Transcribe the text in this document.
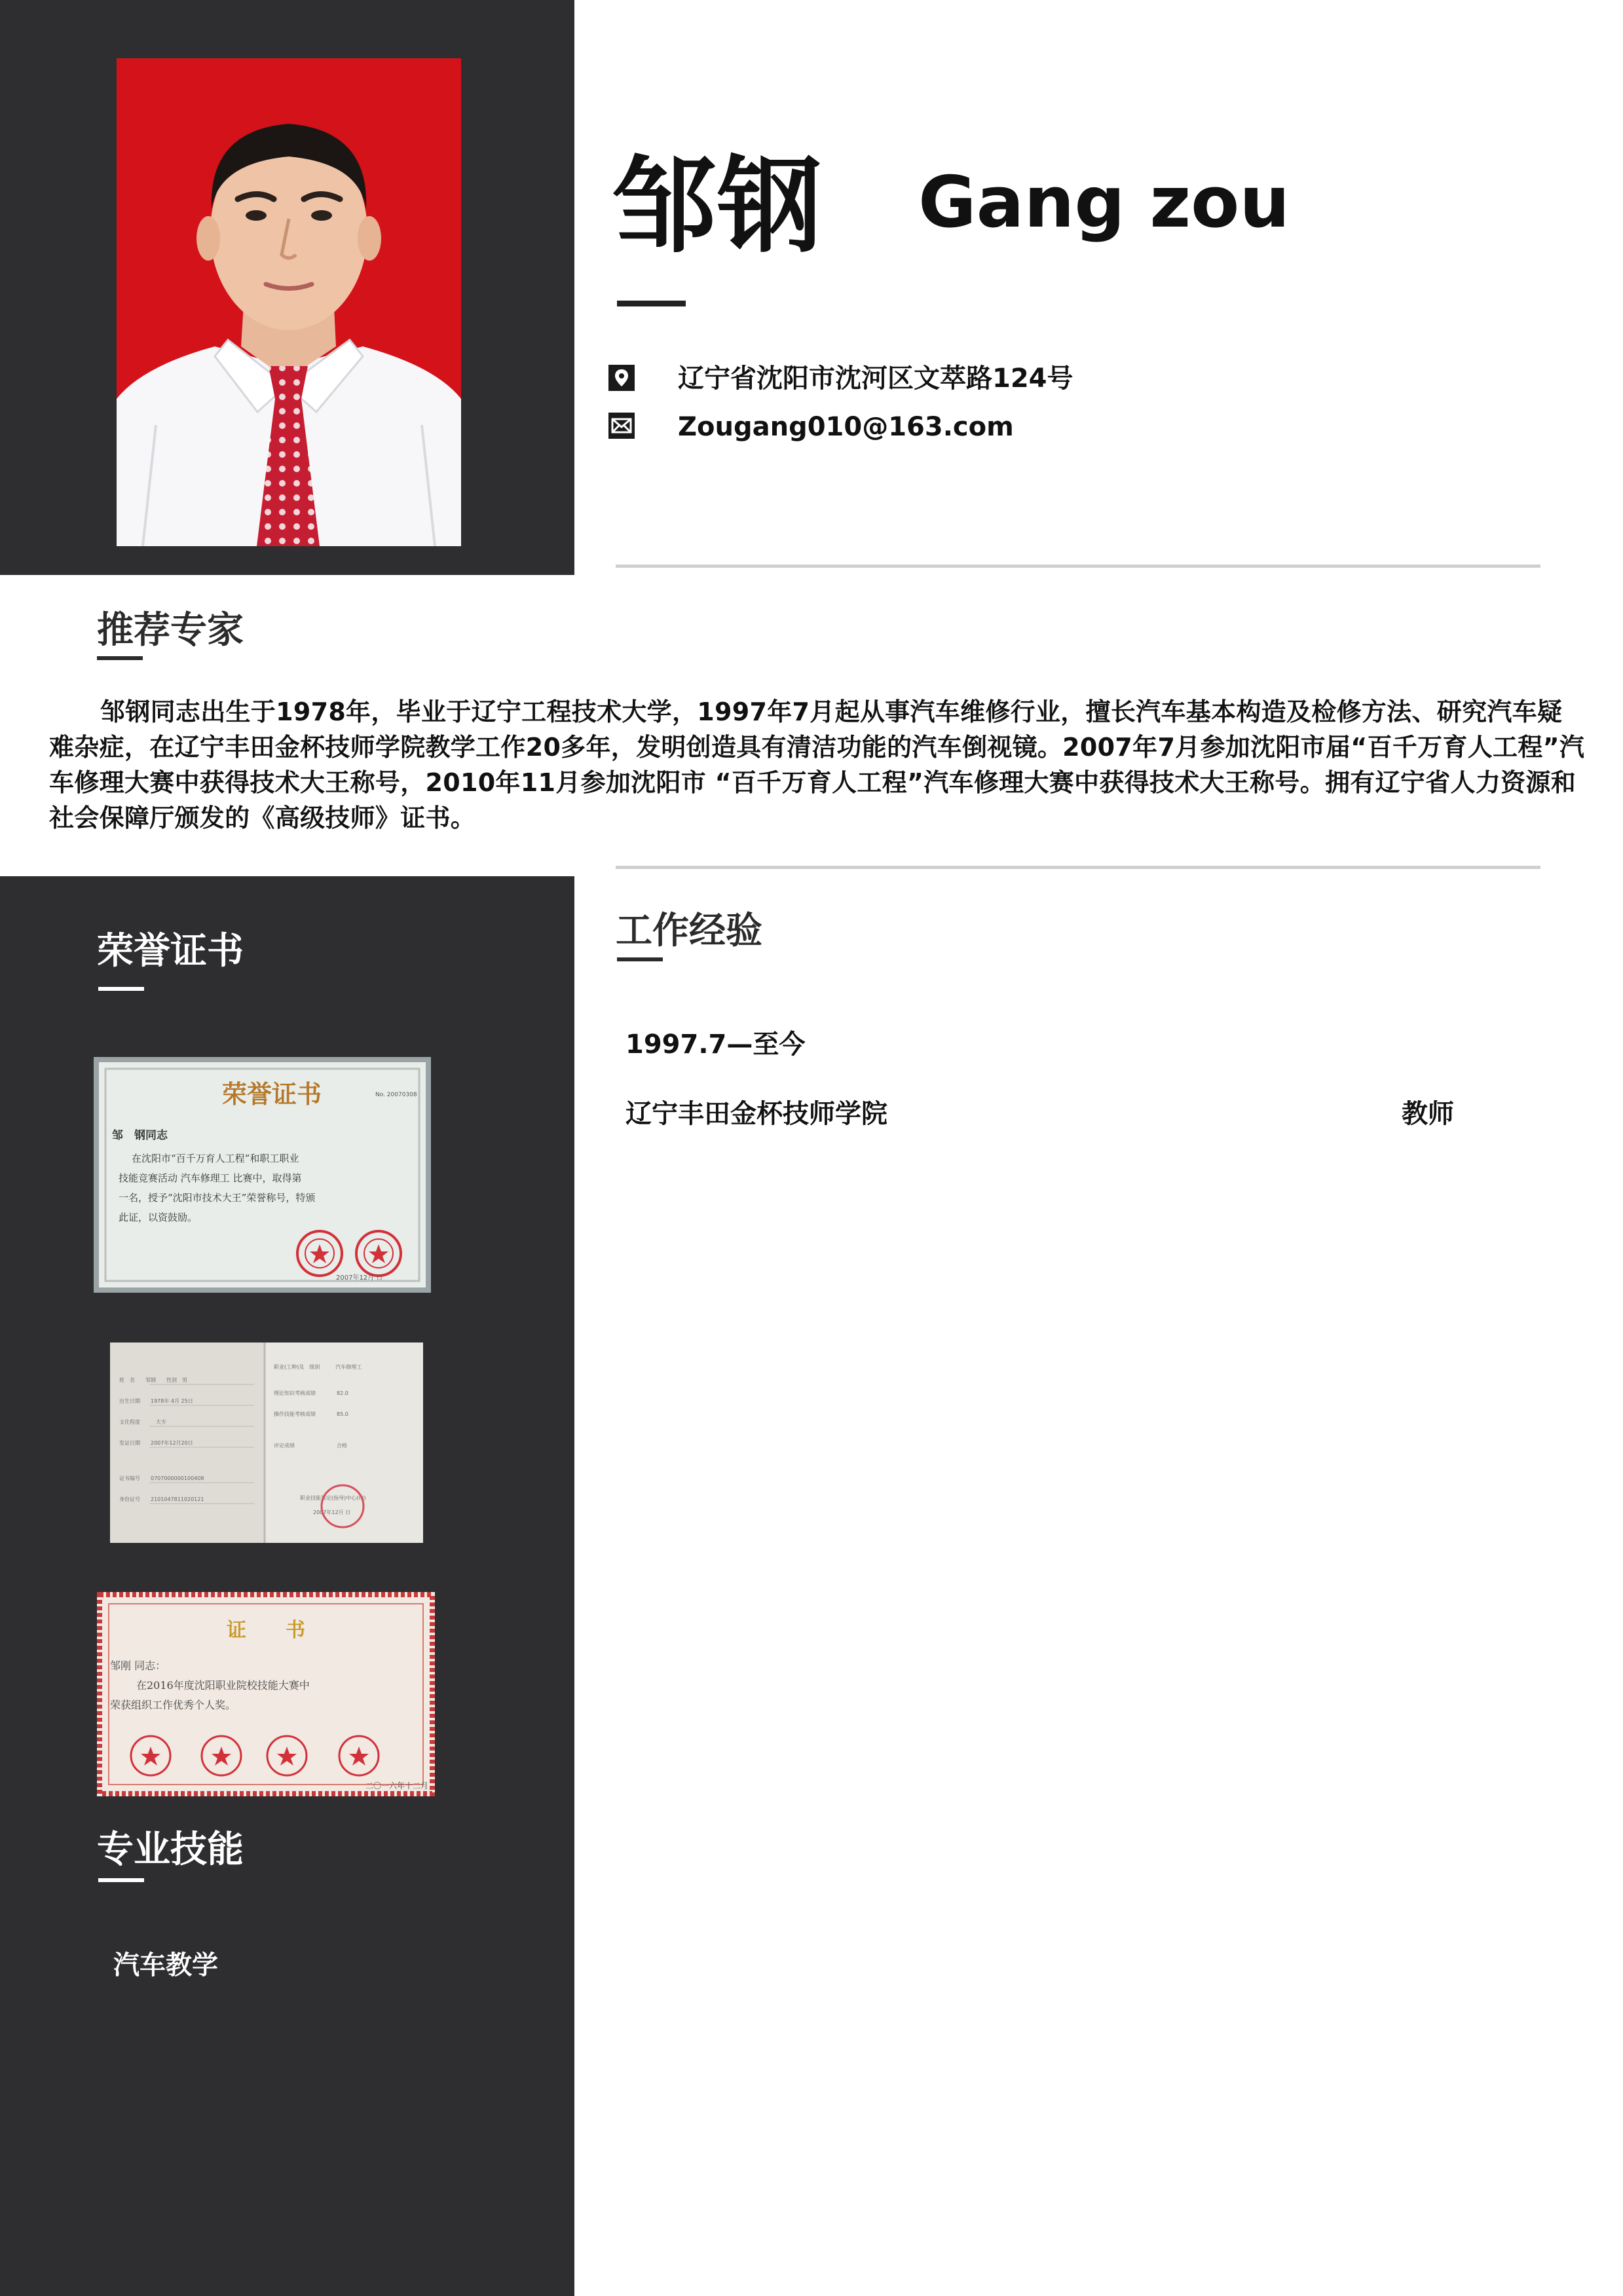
邹钢 Gang zou
辽宁省沈阳市沈河区文萃路124号
Zougang010@163.com
推荐专家
邹钢同志出生于1978年，毕业于辽宁工程技术大学，1997年7月起从事汽车维修行业，擅长汽车基本构造及检修方法、研究汽车疑难杂症，在辽宁丰田金杯技师学院教学工作20多年，发明创造具有清洁功能的汽车倒视镜。2007年7月参加沈阳市届“百千万育人工程”汽车修理大赛中获得技术大王称号，2010年11月参加沈阳市 “百千万育人工程”汽车修理大赛中获得技术大王称号。拥有辽宁省人力资源和社会保障厅颁发的《高级技师》证书。
荣誉证书
荣誉证书	No. 20070308
邹　钢同志
在沈阳市“百千万育人工程”和职工职业
技能竞赛活动 汽车修理工 比赛中，取得第
一名，授予“沈阳市技术大王”荣誉称号，特颁
此证，以资鼓励。
2007年12月 日
姓　名　　邹钢　　性别　男
出生日期　　1978年 4月 25日
文化程度　　　大专
发证日期　　2007年12月20日
证书编号　　0707000000100408
身份证号　　2101047811020121
职业(工种)及　级别　　　汽车修理工
理论知识考核成绩　　　　82.0
操作技能考核成绩　　　　85.0
评定成绩　　　　　　　　合格
职业技能鉴定(指导)中心(印)
2007年12月 日
证　　书
邹刚 同志：
在2016年度沈阳职业院校技能大赛中
荣获组织工作优秀个人奖。
二〇一六年十二月
专业技能
汽车教学
工作经验
1997.7—至今
辽宁丰田金杯技师学院	教师
